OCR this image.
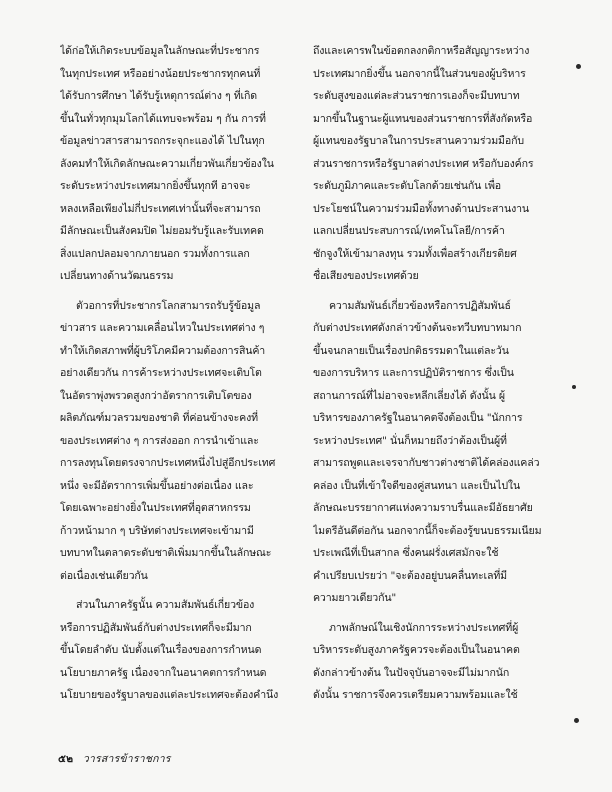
ได้ก่อให้เกิดระบบข้อมูลในลักษณะที่ประชากร
ในทุกประเทศ หรืออย่างน้อยประชากรทุกคนที่
ได้รับการศึกษา ได้รับรู้เหตุการณ์ต่าง ๆ ที่เกิด
ขึ้นในทั่วทุกมุมโลกได้แทบจะพร้อม ๆ กัน การที่
ข้อมูลข่าวสารสามารถกระจุกะแองได้ ไปในทุก
ลังคมทำให้เกิดลักษณะความเกี่ยวพันเกี่ยวข้องใน
ระดับระหว่างประเทศมากยิ่งขึ้นทุกที อาจจะ
หลงเหลือเพียงไม่กี่ประเทศเท่านั้นที่จะสามารถ
มีลักษณะเป็นสังคมปิด ไม่ยอมรับรู้และรับเทคด
สิ่งแปลกปลอมจากภายนอก รวมทั้งการแลก
เปลี่ยนทางด้านวัฒนธรรม

ตัวอการที่ประชากรโลกสามารถรับรู้ข้อมูล
ข่าวสาร และความเคลื่อนไหวในประเทศต่าง ๆ
ทำให้เกิดสภาพที่ผู้บริโภคมีความต้องการสินค้า
อย่างเดียวกัน การค้าระหว่างประเทศจะเติบโต
ในอัตราพุ่งพรวดสูงกว่าอัตราการเติบโตของ
ผลิตภัณฑ์มวลรวมของชาติ ที่ค่อนข้างจะคงที่
ของประเทศต่าง ๆ การส่งออก การนำเข้าและ
การลงทุนโดยตรงจากประเทศหนึ่งไปสู่อีกประเทศ
หนึ่ง จะมีอัตราการเพิ่มขึ้นอย่างต่อเนื่อง และ
โดยเฉพาะอย่างยิ่งในประเทศที่อุตสาหกรรม
ก้าวหน้ามาก ๆ บริษัทต่างประเทศจะเข้ามามี
บทบาทในตลาดระดับชาติเพิ่มมากขึ้นในลักษณะ
ต่อเนื่องเช่นเดียวกัน

ส่วนในภาครัฐนั้น ความสัมพันธ์เกี่ยวข้อง
หรือการปฏิสัมพันธ์กับต่างประเทศก็จะมีมาก
ขึ้นโดยลำดับ นับตั้งแต่ในเรื่องของการกำหนด
นโยบายภาครัฐ เนื่องจากในอนาคตการกำหนด
นโยบายของรัฐบาลของแต่ละประเทศจะต้องคำนึง

ถึงและเคารพในข้อตกลงกติกาหรือสัญญาระหว่าง
ประเทศมากยิ่งขึ้น นอกจากนี้ในส่วนของผู้บริหาร
ระดับสูงของแต่ละส่วนราชการเองก็จะมีบทบาท
มากขึ้นในฐานะผู้แทนของส่วนราชการที่สังกัดหรือ
ผู้แทนของรัฐบาลในการประสานความร่วมมือกับ
ส่วนราชการหรือรัฐบาลต่างประเทศ หรือกับองค์กร
ระดับภูมิภาคและระดับโลกด้วยเช่นกัน เพื่อ
ประโยชน์ในความร่วมมือทั้งทางด้านประสานงาน
แลกเปลี่ยนประสบการณ์/เทคโนโลยี/การค้า
ชักจูงให้เข้ามาลงทุน รวมทั้งเพื่อสร้างเกียรติยศ
ชื่อเสียงของประเทศด้วย

ความสัมพันธ์เกี่ยวข้องหรือการปฏิสัมพันธ์
กับต่างประเทศดังกล่าวข้างต้นจะทวีบทบาทมาก
ขึ้นจนกลายเป็นเรื่องปกติธรรมดาในแต่ละวัน
ของการบริหาร และการปฏิบัติราชการ ซึ่งเป็น
สถานการณ์ที่ไม่อาจจะหลีกเลี่ยงได้ ดังนั้น ผู้
บริหารของภาครัฐในอนาคตจึงต้องเป็น "นักการ
ระหว่างประเทศ" นั่นก็หมายถึงว่าต้องเป็นผู้ที่
สามารถพูดและเจรจากับชาวต่างชาติได้คล่องแคล่ว
คล่อง เป็นที่เข้าใจดีของคู่สนทนา และเป็นไปใน
ลักษณะบรรยากาศแห่งความราบรื่นและมีอัธยาศัย
ไมตรีอันดีต่อกัน นอกจากนี้ก็จะต้องรู้ขนบธรรมเนียม
ประเพณีที่เป็นสากล ซึ่งคนฝรั่งเศสมักจะใช้
คำเปรียบเปรยว่า "จะต้องอยู่บนคลื่นทะเลที่มี
ความยาวเดียวกัน"

ภาพลักษณ์ในเชิงนักการระหว่างประเทศที่ผู้
บริหารระดับสูงภาครัฐควรจะต้องเป็นในอนาคต
ดังกล่าวข้างต้น ในปัจจุบันอาจจะมีไม่มากนัก
ดังนั้น ราชการจึงควรเตรียมความพร้อมและใช้

๕๒ วารสารข้าราชการ
